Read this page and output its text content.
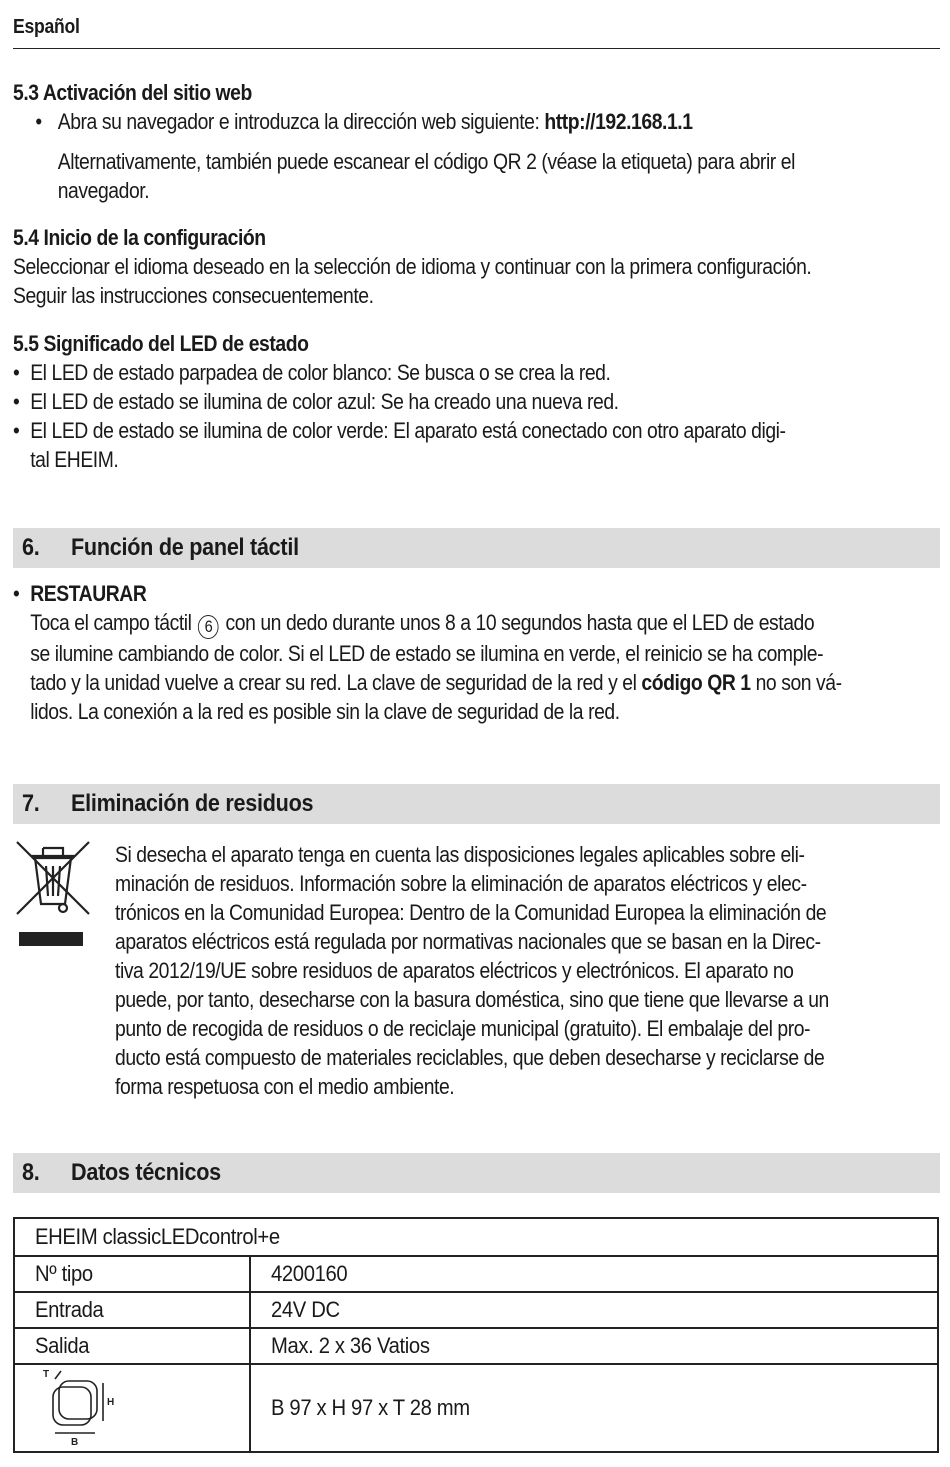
Español
5.3 Activación del sitio web
• Abra su navegador e introduzca la dirección web siguiente: http://192.168.1.1
Alternativamente, también puede escanear el código QR 2 (véase la etiqueta) para abrir el
navegador.
5.4 Inicio de la configuración
Seleccionar el idioma deseado en la selección de idioma y continuar con la primera configuración.
Seguir las instrucciones consecuentemente.
5.5 Significado del LED de estado
• El LED de estado parpadea de color blanco: Se busca o se crea la red.
• El LED de estado se ilumina de color azul: Se ha creado una nueva red.
• El LED de estado se ilumina de color verde: El aparato está conectado con otro aparato digi-
tal EHEIM.
6. Función de panel táctil
• RESTAURAR
Toca el campo táctil 6 con un dedo durante unos 8 a 10 segundos hasta que el LED de estado
se ilumine cambiando de color. Si el LED de estado se ilumina en verde, el reinicio se ha comple-
tado y la unidad vuelve a crear su red. La clave de seguridad de la red y el código QR 1 no son vá-
lidos. La conexión a la red es posible sin la clave de seguridad de la red.
7. Eliminación de residuos
Si desecha el aparato tenga en cuenta las disposiciones legales aplicables sobre eli-
minación de residuos. Información sobre la eliminación de aparatos eléctricos y elec-
trónicos en la Comunidad Europea: Dentro de la Comunidad Europea la eliminación de
aparatos eléctricos está regulada por normativas nacionales que se basan en la Direc-
tiva 2012/19/UE sobre residuos de aparatos eléctricos y electrónicos. El aparato no
puede, por tanto, desecharse con la basura doméstica, sino que tiene que llevarse a un
punto de recogida de residuos o de reciclaje municipal (gratuito). El embalaje del pro-
ducto está compuesto de materiales reciclables, que deben desecharse y reciclarse de
forma respetuosa con el medio ambiente.
8. Datos técnicos
EHEIM classicLEDcontrol+e	
Nº tipo	4200160
Entrada	24V DC
Salida	Max. 2 x 36 Vatios

T
H
B	B 97 x H 97 x T 28 mm
